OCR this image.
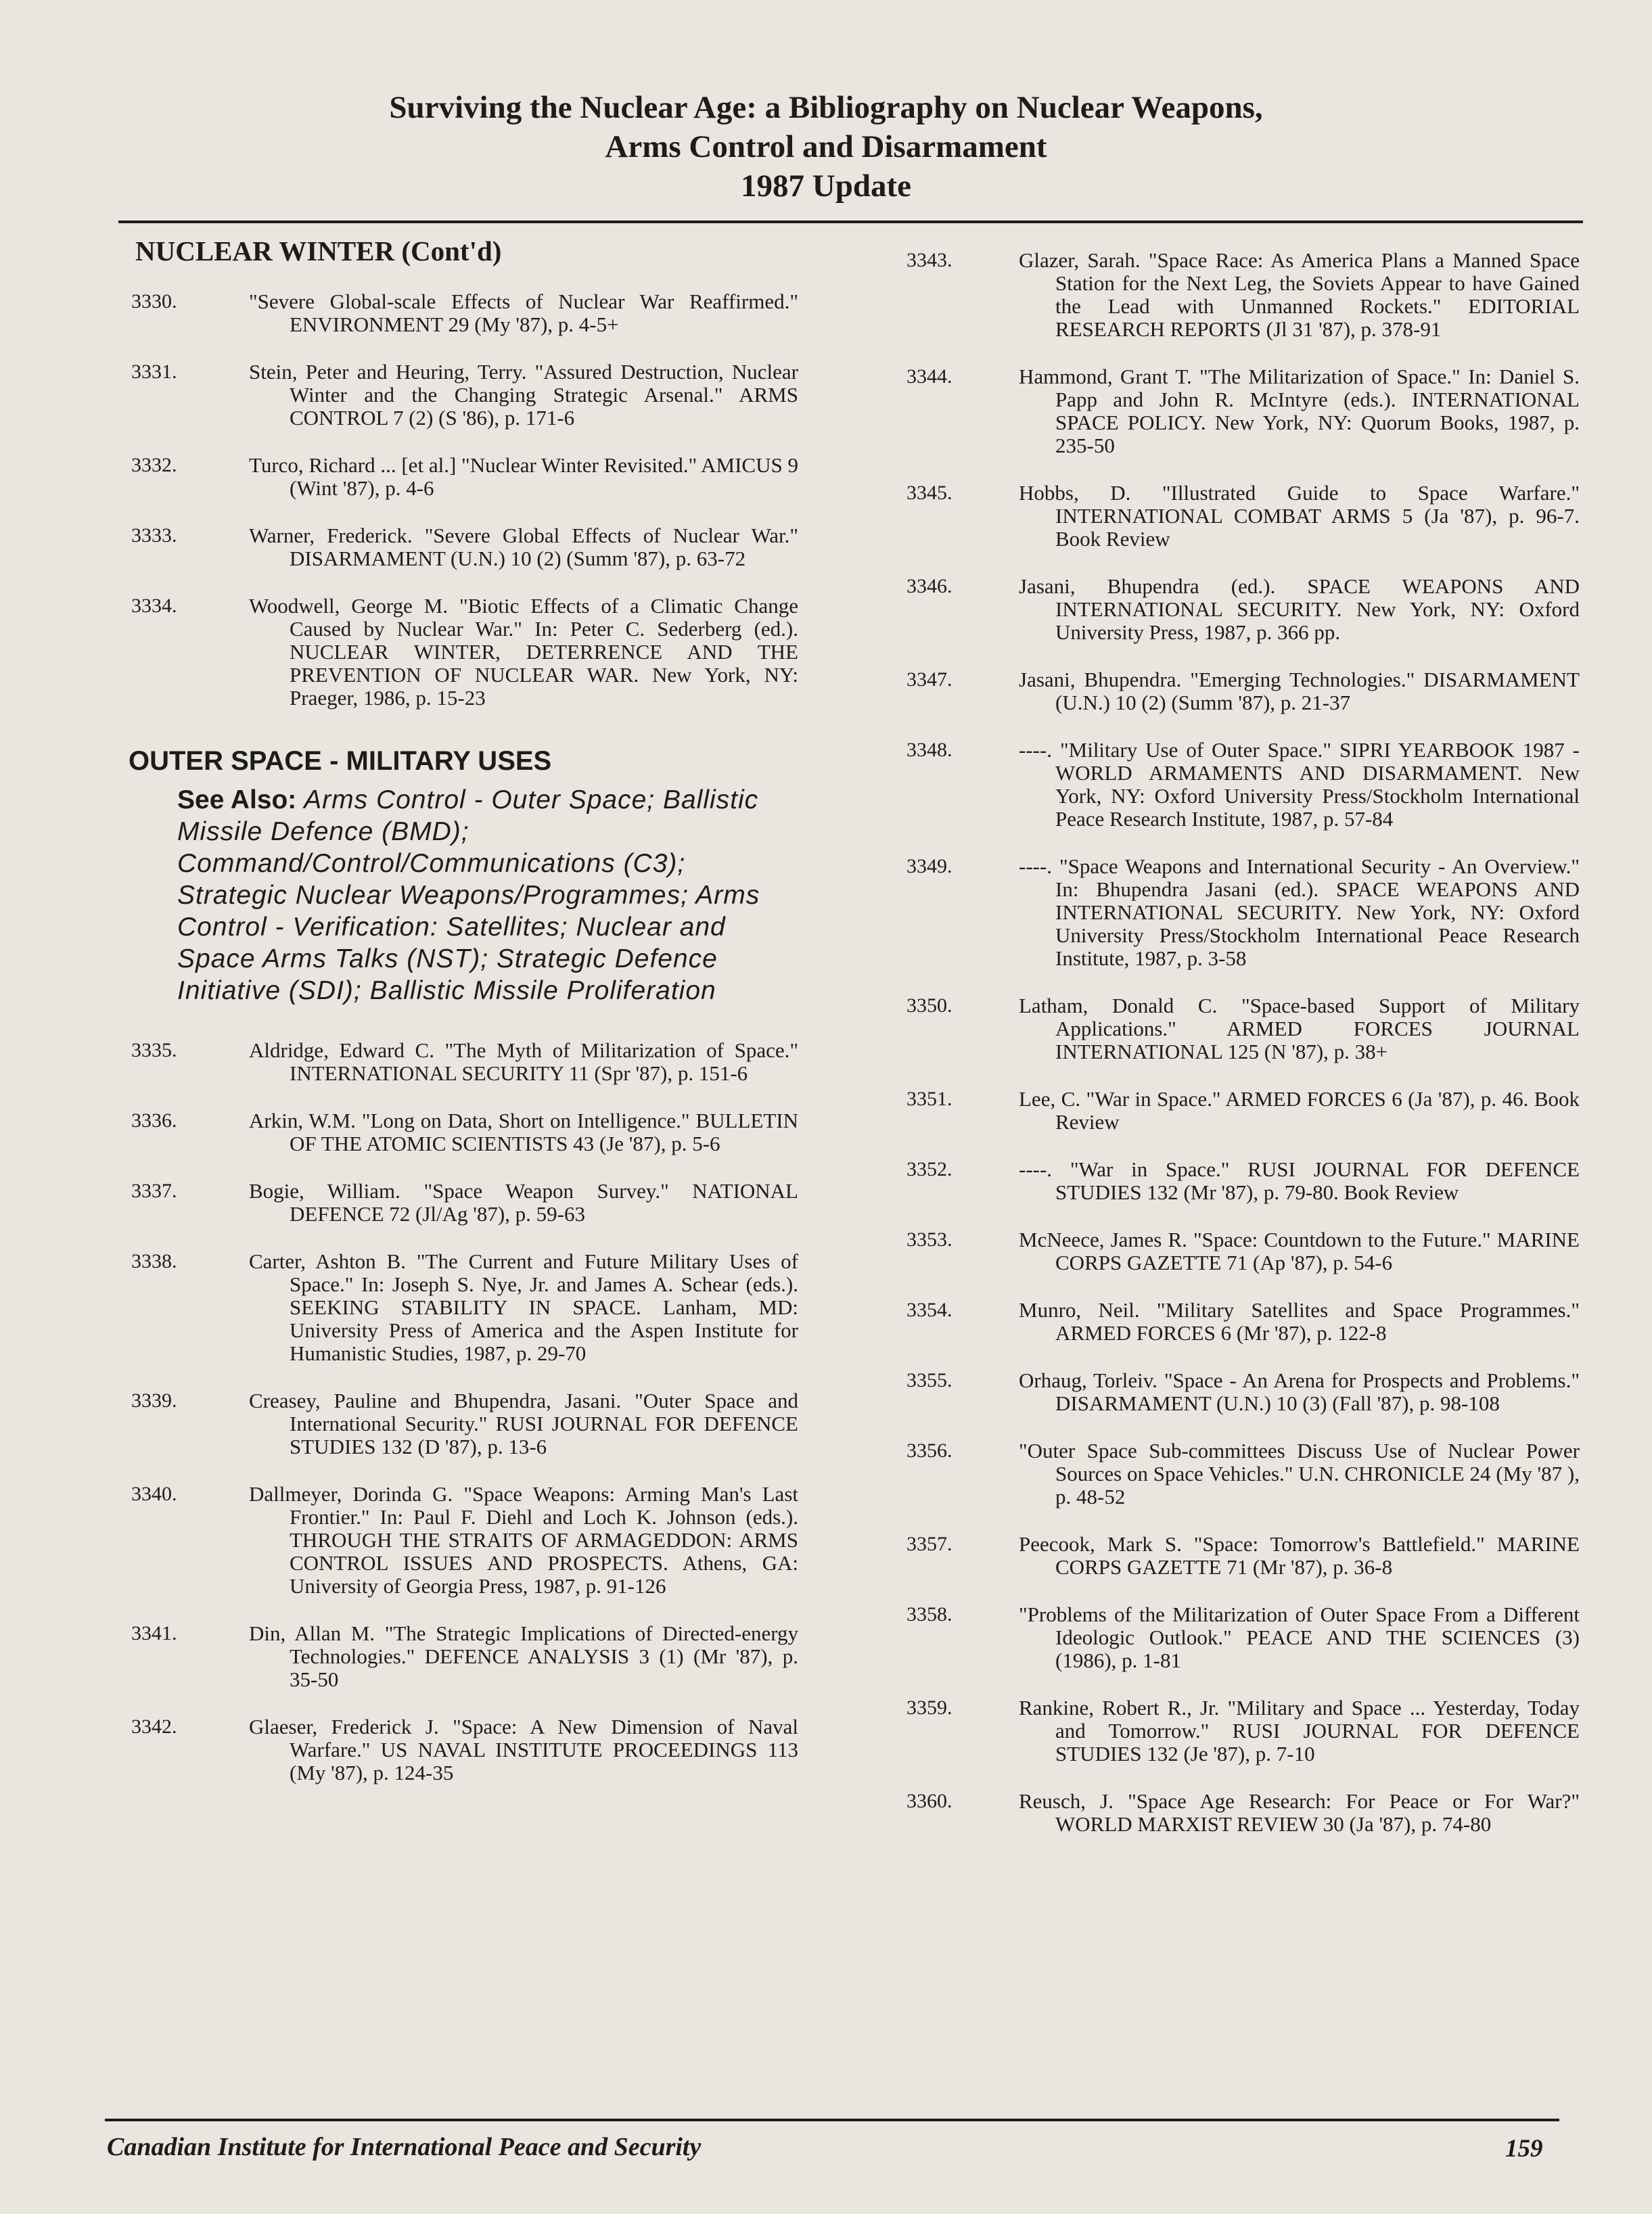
Surviving the Nuclear Age: a Bibliography on Nuclear Weapons,
Arms Control and Disarmament
1987 Update
NUCLEAR WINTER (Cont'd)
3330.	"Severe Global-scale Effects of Nuclear War Reaffirmed." ENVIRONMENT 29 (My '87), p. 4-5+
3331.	Stein, Peter and Heuring, Terry. "Assured Destruction, Nuclear Winter and the Changing Strategic Arsenal." ARMS CONTROL 7 (2) (S '86), p. 171-6
3332.	Turco, Richard ... [et al.] "Nuclear Winter Revisited." AMICUS 9 (Wint '87), p. 4-6
3333.	Warner, Frederick. "Severe Global Effects of Nuclear War." DISARMAMENT (U.N.) 10 (2) (Summ '87), p. 63-72
3334.	Woodwell, George M. "Biotic Effects of a Climatic Change Caused by Nuclear War." In: Peter C. Sederberg (ed.). NUCLEAR WINTER, DETERRENCE AND THE PREVENTION OF NUCLEAR WAR. New York, NY: Praeger, 1986, p. 15-23
OUTER SPACE - MILITARY USES
See Also: Arms Control - Outer Space; Ballistic Missile Defence (BMD); Command/Control/Communications (C3); Strategic Nuclear Weapons/Programmes; Arms Control - Verification: Satellites; Nuclear and Space Arms Talks (NST); Strategic Defence Initiative (SDI); Ballistic Missile Proliferation
3335.	Aldridge, Edward C. "The Myth of Militarization of Space." INTERNATIONAL SECURITY 11 (Spr '87), p. 151-6
3336.	Arkin, W.M. "Long on Data, Short on Intelligence." BULLETIN OF THE ATOMIC SCIENTISTS 43 (Je '87), p. 5-6
3337.	Bogie, William. "Space Weapon Survey." NATIONAL DEFENCE 72 (Jl/Ag '87), p. 59-63
3338.	Carter, Ashton B. "The Current and Future Military Uses of Space." In: Joseph S. Nye, Jr. and James A. Schear (eds.). SEEKING STABILITY IN SPACE. Lanham, MD: University Press of America and the Aspen Institute for Humanistic Studies, 1987, p. 29-70
3339.	Creasey, Pauline and Bhupendra, Jasani. "Outer Space and International Security." RUSI JOURNAL FOR DEFENCE STUDIES 132 (D '87), p. 13-6
3340.	Dallmeyer, Dorinda G. "Space Weapons: Arming Man's Last Frontier." In: Paul F. Diehl and Loch K. Johnson (eds.). THROUGH THE STRAITS OF ARMAGEDDON: ARMS CONTROL ISSUES AND PROSPECTS. Athens, GA: University of Georgia Press, 1987, p. 91-126
3341.	Din, Allan M. "The Strategic Implications of Directed-energy Technologies." DEFENCE ANALYSIS 3 (1) (Mr '87), p. 35-50
3342.	Glaeser, Frederick J. "Space: A New Dimension of Naval Warfare." US NAVAL INSTITUTE PROCEEDINGS 113 (My '87), p. 124-35
3343.	Glazer, Sarah. "Space Race: As America Plans a Manned Space Station for the Next Leg, the Soviets Appear to have Gained the Lead with Unmanned Rockets." EDITORIAL RESEARCH REPORTS (Jl 31 '87), p. 378-91
3344.	Hammond, Grant T. "The Militarization of Space." In: Daniel S. Papp and John R. McIntyre (eds.). INTERNATIONAL SPACE POLICY. New York, NY: Quorum Books, 1987, p. 235-50
3345.	Hobbs, D. "Illustrated Guide to Space Warfare." INTERNATIONAL COMBAT ARMS 5 (Ja '87), p. 96-7. Book Review
3346.	Jasani, Bhupendra (ed.). SPACE WEAPONS AND INTERNATIONAL SECURITY. New York, NY: Oxford University Press, 1987, p. 366 pp.
3347.	Jasani, Bhupendra. "Emerging Technologies." DISARMAMENT (U.N.) 10 (2) (Summ '87), p. 21-37
3348.	----. "Military Use of Outer Space." SIPRI YEARBOOK 1987 - WORLD ARMAMENTS AND DISARMAMENT. New York, NY: Oxford University Press/Stockholm International Peace Research Institute, 1987, p. 57-84
3349.	----. "Space Weapons and International Security - An Overview." In: Bhupendra Jasani (ed.). SPACE WEAPONS AND INTERNATIONAL SECURITY. New York, NY: Oxford University Press/Stockholm International Peace Research Institute, 1987, p. 3-58
3350.	Latham, Donald C. "Space-based Support of Military Applications." ARMED FORCES JOURNAL INTERNATIONAL 125 (N '87), p. 38+
3351.	Lee, C. "War in Space." ARMED FORCES 6 (Ja '87), p. 46. Book Review
3352.	----. "War in Space." RUSI JOURNAL FOR DEFENCE STUDIES 132 (Mr '87), p. 79-80. Book Review
3353.	McNeece, James R. "Space: Countdown to the Future." MARINE CORPS GAZETTE 71 (Ap '87), p. 54-6
3354.	Munro, Neil. "Military Satellites and Space Programmes." ARMED FORCES 6 (Mr '87), p. 122-8
3355.	Orhaug, Torleiv. "Space - An Arena for Prospects and Problems." DISARMAMENT (U.N.) 10 (3) (Fall '87), p. 98-108
3356.	"Outer Space Sub-committees Discuss Use of Nuclear Power Sources on Space Vehicles." U.N. CHRONICLE 24 (My '87 ), p. 48-52
3357.	Peecook, Mark S. "Space: Tomorrow's Battlefield." MARINE CORPS GAZETTE 71 (Mr '87), p. 36-8
3358.	"Problems of the Militarization of Outer Space From a Different Ideologic Outlook." PEACE AND THE SCIENCES (3) (1986), p. 1-81
3359.	Rankine, Robert R., Jr. "Military and Space ... Yesterday, Today and Tomorrow." RUSI JOURNAL FOR DEFENCE STUDIES 132 (Je '87), p. 7-10
3360.	Reusch, J. "Space Age Research: For Peace or For War?" WORLD MARXIST REVIEW 30 (Ja '87), p. 74-80
Canadian Institute for International Peace and Security	159
